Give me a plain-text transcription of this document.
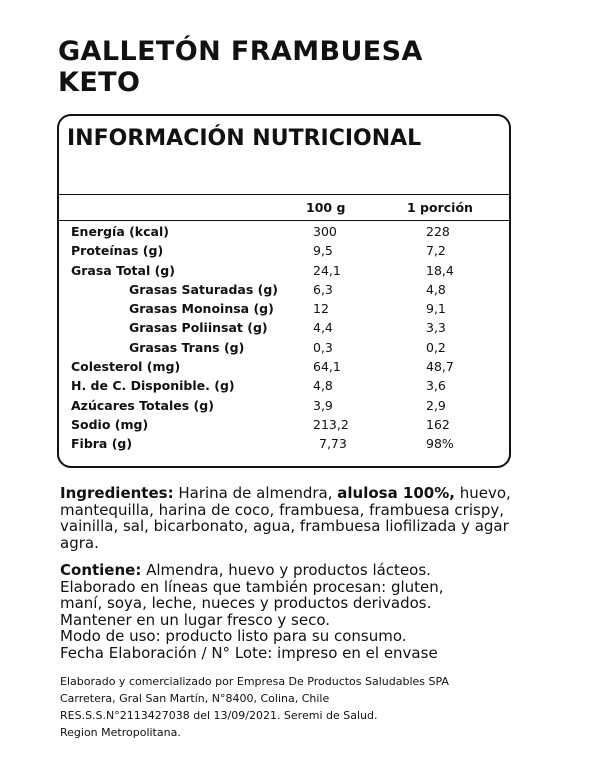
GALLETÓN FRAMBUESA
KETO
INFORMACIÓN NUTRICIONAL
100 g	1 porción
Energía (kcal)	300	228
Proteínas (g)	9,5	7,2
Grasa Total (g)	24,1	18,4
Grasas Saturadas (g)	6,3	4,8
Grasas Monoinsa (g)	12	9,1
Grasas Poliinsat (g)	4,4	3,3
Grasas Trans (g)	0,3	0,2
Colesterol (mg)	64,1	48,7
H. de C. Disponible. (g)	4,8	3,6
Azúcares Totales (g)	3,9	2,9
Sodio (mg)	213,2	162
Fibra (g)	7,73	98%

Ingredientes: Harina de almendra, alulosa 100%, huevo, mantequilla, harina de coco, frambuesa, frambuesa crispy, vainilla, sal, bicarbonato, agua, frambuesa liofilizada y agar agra.

Contiene: Almendra, huevo y productos lácteos.
Elaborado en líneas que también procesan: gluten,
maní, soya, leche, nueces y productos derivados.
Mantener en un lugar fresco y seco.
Modo de uso: producto listo para su consumo.
Fecha Elaboración / N° Lote: impreso en el envase

Elaborado y comercializado por Empresa De Productos Saludables SPA
Carretera, Gral San Martín, N°8400, Colina, Chile
RES.S.S.N°2113427038 del 13/09/2021. Seremi de Salud.
Region Metropolitana.
